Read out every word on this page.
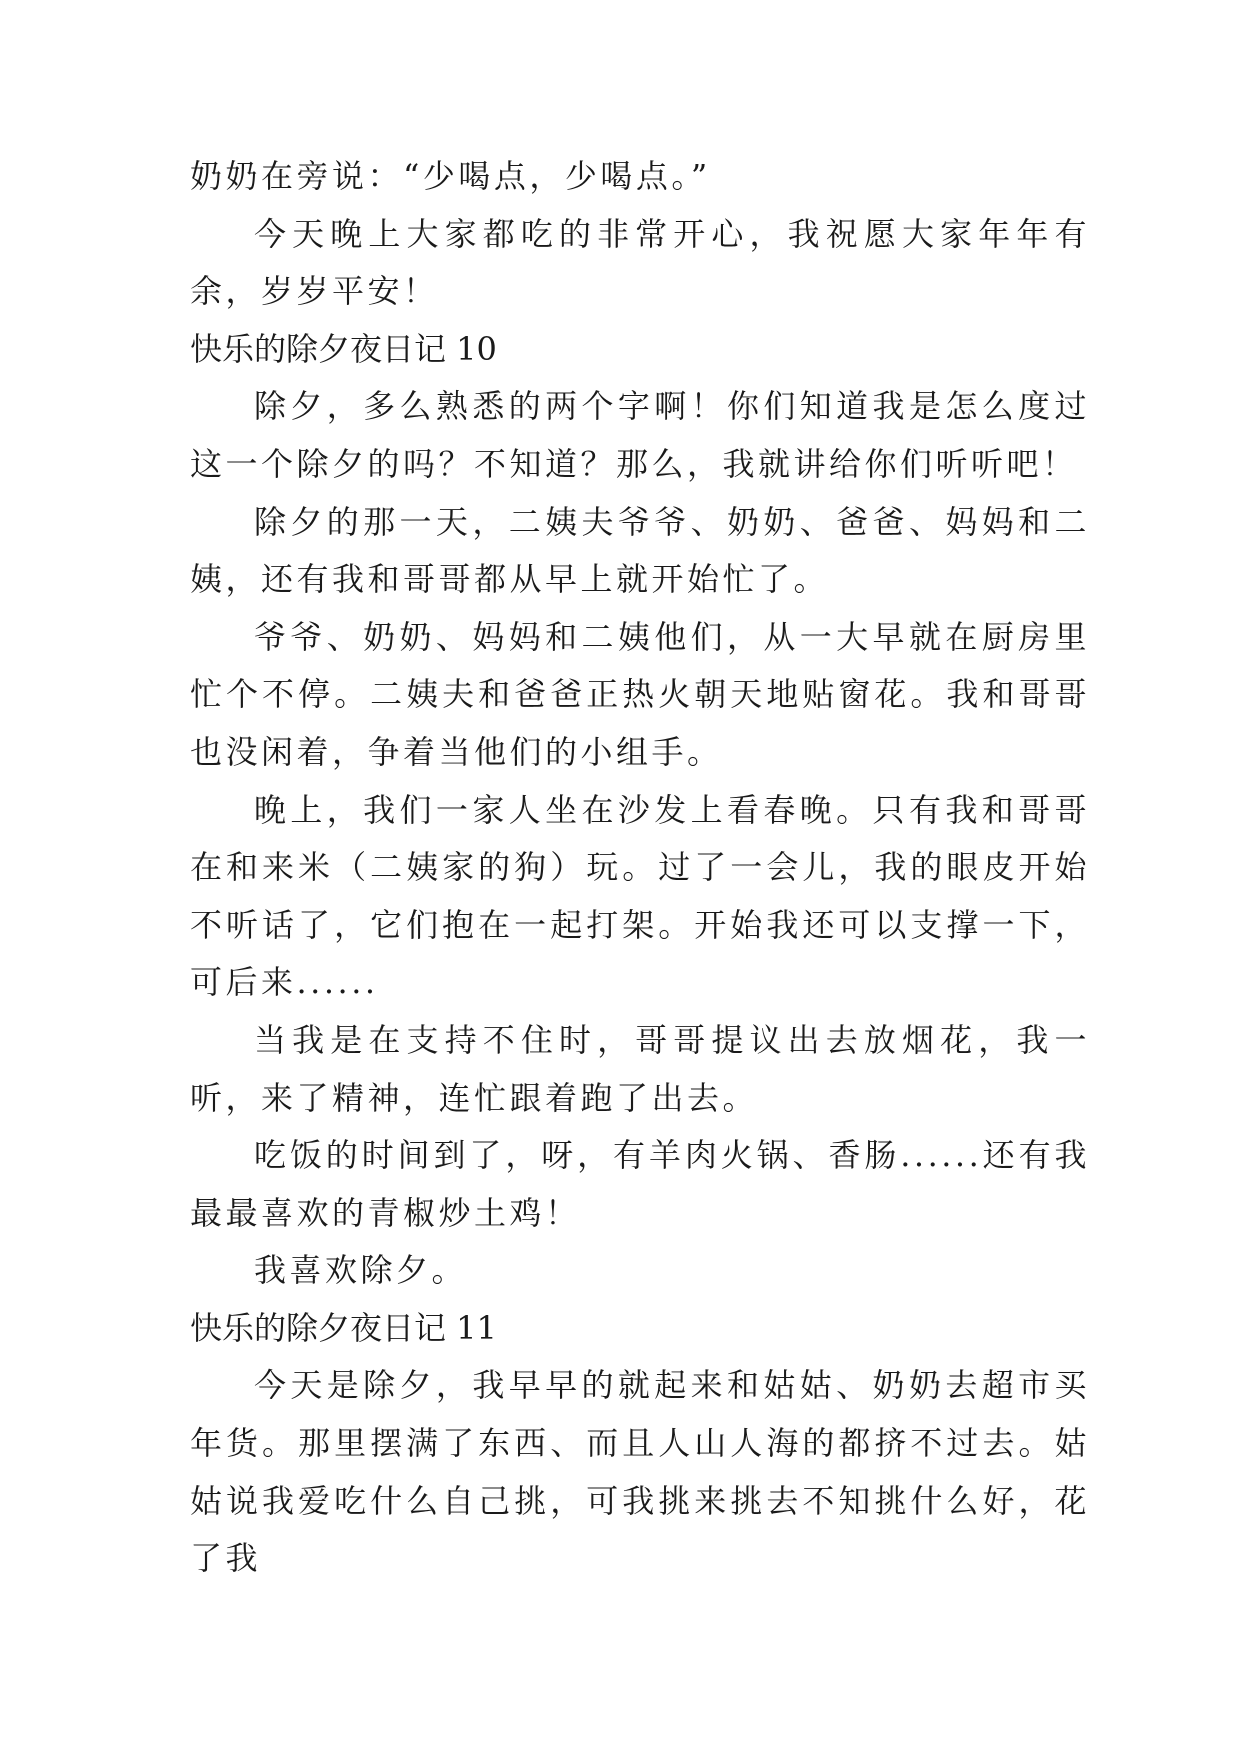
奶奶在旁说：“少喝点，少喝点。”

今天晚上大家都吃的非常开心，我祝愿大家年年有余，岁岁平安！

快乐的除夕夜日记 10

除夕，多么熟悉的两个字啊！你们知道我是怎么度过这一个除夕的吗？不知道？那么，我就讲给你们听听吧！

除夕的那一天，二姨夫爷爷、奶奶、爸爸、妈妈和二姨，还有我和哥哥都从早上就开始忙了。

爷爷、奶奶、妈妈和二姨他们，从一大早就在厨房里忙个不停。二姨夫和爸爸正热火朝天地贴窗花。我和哥哥也没闲着，争着当他们的小组手。

晚上，我们一家人坐在沙发上看春晚。只有我和哥哥在和来米（二姨家的狗）玩。过了一会儿，我的眼皮开始不听话了，它们抱在一起打架。开始我还可以支撑一下，可后来......

当我是在支持不住时，哥哥提议出去放烟花，我一听，来了精神，连忙跟着跑了出去。

吃饭的时间到了，呀，有羊肉火锅、香肠......还有我最最喜欢的青椒炒土鸡！

我喜欢除夕。

快乐的除夕夜日记 11

今天是除夕，我早早的就起来和姑姑、奶奶去超市买年货。那里摆满了东西、而且人山人海的都挤不过去。姑姑说我爱吃什么自己挑，可我挑来挑去不知挑什么好，花 了我
